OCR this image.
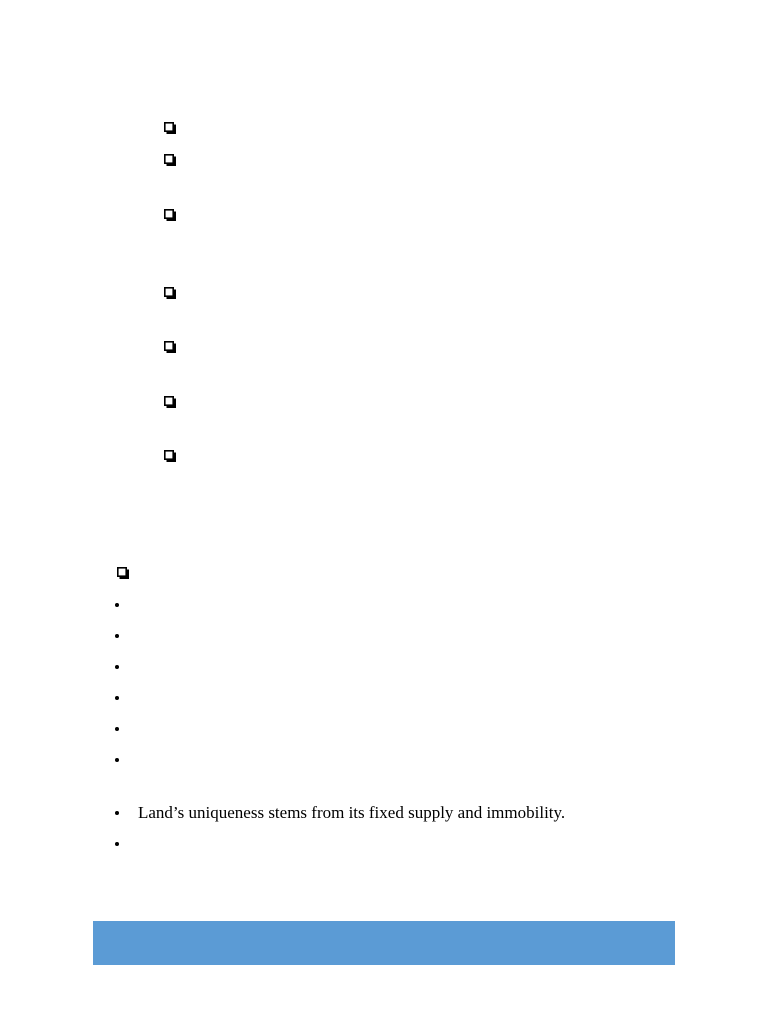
Land’s uniqueness stems from its fixed supply and immobility.
